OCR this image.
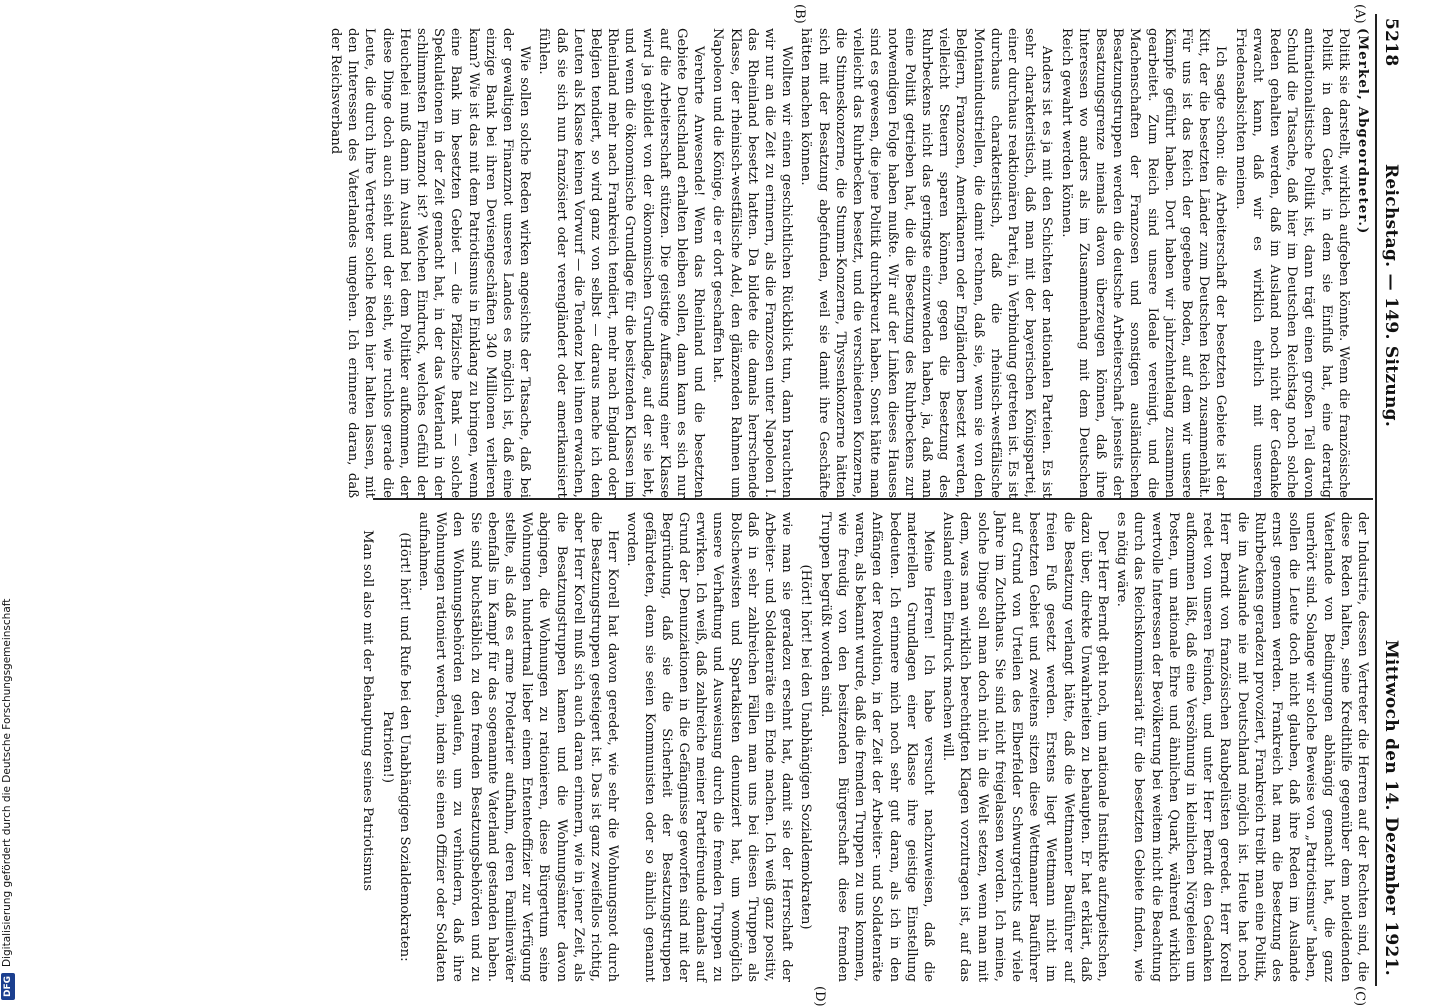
5218
Reichstag. — 149. Sitzung.
Mittwoch den 14. Dezember 1921.
(A)
(B)
(C)
(D)

(Merkel, Abgeordneter.)

Politik sie darstellt, wirklich aufgeben könnte. Wenn die französische Politik in dem Gebiet, in dem sie Einfluß hat, eine derartig antinationalistische Politik ist, dann trägt einen großen Teil davon Schuld die Tatsache, daß hier im Deutschen Reichstag noch solche Reden gehalten werden, daß im Ausland noch nicht der Gedanke erwacht kann, daß wir es wirklich ehrlich mit unseren Friedensabsichten meinen.

Ich sagte schon: die Arbeiterschaft der besetzten Gebiete ist der Kitt, der die besetzten Länder zum Deutschen Reich zusammenhält. Für uns ist das Reich der gegebene Boden, auf dem wir unsere Kämpfe geführt haben. Dort haben wir jahrzehntelang zusammen gearbeitet. Zum Reich sind unsere Ideale vereinigt, und die Machenschaften der Franzosen und sonstigen ausländischen Besatzungstruppen werden die deutsche Arbeiterschaft jenseits der Besatzungsgrenze niemals davon überzeugen können, daß ihre Interessen wo anders als im Zusammenhang mit dem Deutschen Reich gewahrt werden können.

Anders ist es ja mit den Schichten der nationalen Parteien. Es ist sehr charakteristisch, daß man mit der bayerischen Königspartei, einer durchaus reaktionären Partei, in Verbindung getreten ist. Es ist durchaus charakteristisch, daß die rheinisch-westfälische Montanindustriellen, die damit rechnen, daß sie, wenn sie von den Belgiern, Franzosen, Amerikanern oder Engländern besetzt werden, vielleicht Steuern sparen können, gegen die Besetzung des Ruhrbeckens nicht das geringste einzuwenden haben, ja, daß man eine Politik getrieben hat, die die Besetzung des Ruhrbeckens zur notwendigen Folge haben mußte. Wir auf der Linken dieses Hauses sind es gewesen, die jene Politik durchkreuzt haben. Sonst hätte man vielleicht das Ruhrbecken besetzt, und die verschiedenen Konzerne, die Stinneskonzerne, die Stumm-Konzerne, Thyssenkonzerne hätten sich mit der Besatzung abgefunden, weil sie damit ihre Geschäfte hätten machen können.

Wollten wir einen geschichtlichen Rückblick tun, dann brauchten wir nur an die Zeit zu erinnern, als die Franzosen unter Napoleon I. das Rheinland besetzt hatten. Da bildete die damals herrschende Klasse, der rheinisch-westfälische Adel, den glänzenden Rahmen um Napoleon und die Könige, die er dort geschaffen hat.

Verehrte Anwesende! Wenn das Rheinland und die besetzten Gebiete Deutschland erhalten bleiben sollen, dann kann es sich nur auf die Arbeiterschaft stützen. Die geistige Auffassung einer Klasse wird ja gebildet von der ökonomischen Grundlage, auf der sie lebt, und wenn die ökonomische Grundlage für die besitzenden Klassen im Rheinland mehr nach Frankreich tendiert, mehr nach England oder Belgien tendiert, so wird ganz von selbst — daraus mache ich den Leuten als Klasse keinen Vorwurf — die Tendenz bei ihnen erwachen, daß sie sich nun französiert oder verengländert oder amerikanisiert fühlen.

Wie sollen solche Reden wirken angesichts der Tatsache, daß bei der gewaltigen Finanznot unseres Landes es möglich ist, daß eine einzige Bank bei ihren Devisengeschäften 340 Millionen verlieren kann? Wie ist das mit dem Patriotismus in Einklang zu bringen, wenn eine Bank im besetzten Gebiet — die Pfälzische Bank — solche Spekulationen in der Zeit gemacht hat, in der das Vaterland in der schlimmsten Finanznot ist? Welchen Eindruck, welches Gefühl der Heuchelei muß dann im Ausland bei dem Politiker aufkommen, der diese Dinge doch auch sieht und der sieht, wie ruchlos gerade die Leute, die durch ihre Vertreter solche Reden hier halten lassen, mit den Interessen des Vaterlandes umgehen. Ich erinnere daran, daß der Reichsverband

der Industrie, dessen Vertreter die Herren auf der Rechten sind, die diese Reden halten, seine Kredithilfe gegenüber dem notleidenden Vaterlande von Bedingungen abhängig gemacht hat, die ganz unerhört sind. Solange wir solche Beweise von „Patriotismus“ haben, sollen die Leute doch nicht glauben, daß ihre Reden im Auslande ernst genommen werden. Frankreich hat man die Besetzung des Ruhrbeckens geradezu provoziert, Frankreich treibt man eine Politik, die im Auslande nie mit Deutschland möglich ist. Heute hat noch Herr Berndt von französischen Raubgelüsten geredet. Herr Korell redet von unseren Feinden, und unter Herr Berndt den Gedanken aufkommen läßt, daß eine Versöhnung in kleinlichen Nörgeleien um Posten, um nationale Ehre und ähnlichen Quark, während wirklich wertvolle Interessen der Bevölkerung bei weitem nicht die Beachtung durch das Reichskommissariat für die besetzten Gebiete finden, wie es nötig wäre.

Der Herr Berndt geht noch, um nationale Instinkte aufzupeitschen, dazu über, direkte Unwahrheiten zu behaupten. Er hat erklärt, daß die Besatzung verlangt hätte, daß die Wettmanner Bauführer auf freien Fuß gesetzt werden. Erstens liegt Wettmann nicht im besetzten Gebiet und zweitens sitzen diese Wettmanner Bauführer auf Grund von Urteilen des Elberfelder Schwurgerichts auf viele Jahre im Zuchthaus. Sie sind nicht freigelassen worden. Ich meine, solche Dinge soll man doch nicht in die Welt setzen, wenn man mit dem, was man wirklich berechtigten Klagen vorzutragen ist, auf das Ausland einen Eindruck machen will.

Meine Herren! Ich habe versucht nachzuweisen, daß die materiellen Grundlagen einer Klasse ihre geistige Einstellung bedeuten. Ich erinnere mich noch sehr gut daran, als ich in den Anfängen der Revolution, in der Zeit der Arbeiter- und Soldatenräte waren, als bekannt wurde, daß die fremden Truppen zu uns kommen, wie freudig von den besitzenden Bürgerschaft diese fremden Truppen begrüßt worden sind.

(Hört! hört! bei den Unabhängigen Sozialdemokraten)

wie man sie geradezu ersehnt hat, damit sie der Herrschaft der Arbeiter- und Soldatenräte ein Ende machen. Ich weiß ganz positiv, daß in sehr zahlreichen Fällen man uns bei diesen Truppen als Bolschewisten und Spartakisten denunziert hat, um womöglich unsere Verhaftung und Ausweisung durch die fremden Truppen zu erwirken. Ich weiß, daß zahlreiche meiner Parteifreunde damals auf Grund der Denunziationen in die Gefängnisse geworfen sind mit der Begründung, daß sie die Sicherheit der Besatzungstruppen gefährdeten, denn sie seien Kommunisten oder so ähnlich genannt worden.

Herr Korell hat davon geredet, wie sehr die Wohnungsnot durch die Besatzungstruppen gesteigert ist. Das ist ganz zweifellos richtig, aber Herr Korell muß sich auch daran erinnern, wie in jener Zeit, als die Besatzungstruppen kamen und die Wohnungsämter davon abgingen, die Wohnungen zu rationieren, diese Bürgertum seine Wohnungen hundertmal lieber einem Ententeoffizier zur Verfügung stellte, als daß es arme Proletarier aufnahm, deren Familienväter ebenfalls im Kampf für das sogenannte Vaterland gestanden haben. Sie sind buchstäblich zu den fremden Besatzungsbehörden und zu den Wohnungsbehörden gelaufen, um zu verhindern, daß ihre Wohnungen rationiert werden, indem sie einen Offizier oder Soldaten aufnahmen.

(Hört! hört! und Rufe bei den Unabhängigen Sozialdemokraten: Patrioten!)

Man soll also mit der Behauptung seines Patriotismus

DFGDigitalisierung gefördert durch die Deutsche Forschungsgemeinschaft
